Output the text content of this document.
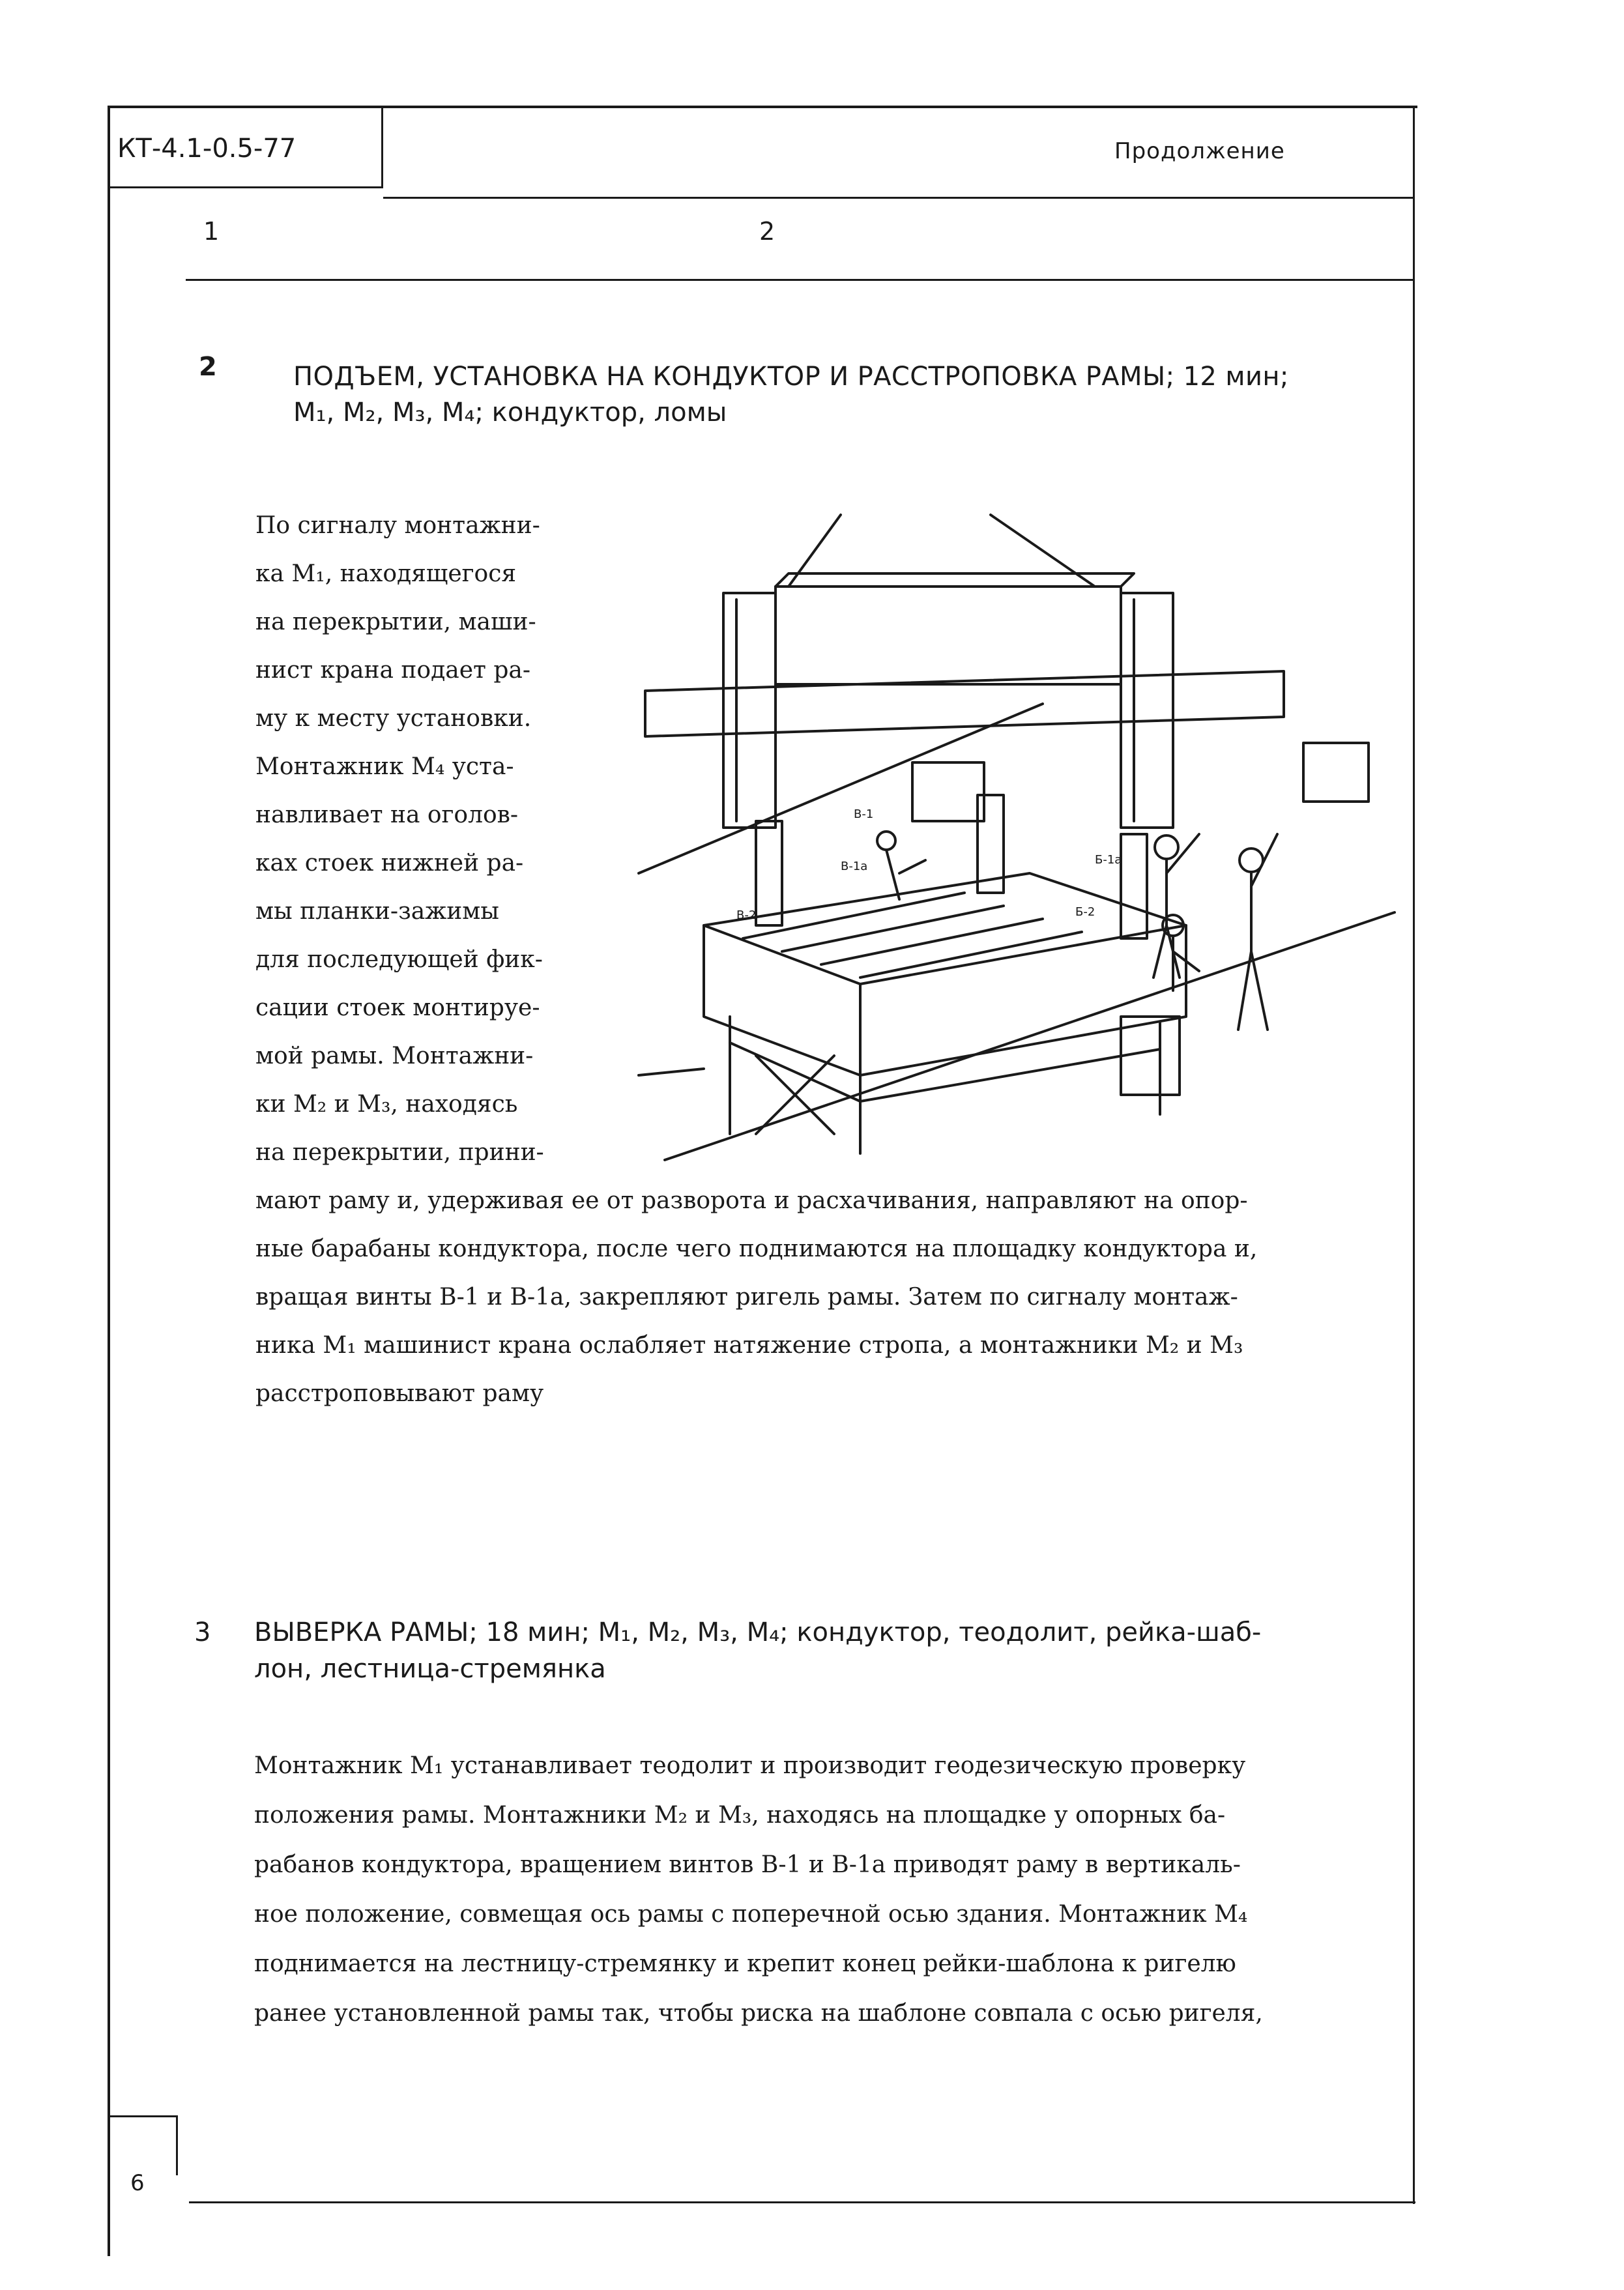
КТ-4.1-0.5-77	Продолжение
1	2
2	ПОДЪЕМ, УСТАНОВКА НА КОНДУКТОР И РАССТРОПОВКА РАМЫ; 12 мин;
M₁, M₂, M₃, M₄; кондуктор, ломы
По сигналу монтажни-
ка M₁, находящегося
на перекрытии, маши-
нист крана подает ра-
му к месту установки.
Монтажник M₄ уста-
навливает на оголов-
ках стоек нижней ра-
мы планки-зажимы
для последующей фик-
сации стоек монтируе-
мой рамы. Монтажни-
ки M₂ и M₃, находясь
на перекрытии, прини-
мают раму и, удерживая ее от разворота и расхачивания, направляют на опор-
ные барабаны кондуктора, после чего поднимаются на площадку кондуктора и,
вращая винты В-1 и В-1а, закрепляют ригель рамы. Затем по сигналу монтаж-
ника M₁ машинист крана ослабляет натяжение стропа, а монтажники M₂ и M₃
расстроповывают раму
В-1
В-1а
В-2	Б-2
Б-1а
3 ВЫВЕРКА РАМЫ; 18 мин; M₁, M₂, M₃, M₄; кондуктор, теодолит, рейка-шаб-
лон, лестница-стремянка
Монтажник M₁ устанавливает теодолит и производит геодезическую проверку
положения рамы. Монтажники M₂ и M₃, находясь на площадке у опорных ба-
рабанов кондуктора, вращением винтов В-1 и В-1а приводят раму в вертикаль-
ное положение, совмещая ось рамы с поперечной осью здания. Монтажник M₄
поднимается на лестницу-стремянку и крепит конец рейки-шаблона к ригелю
ранее установленной рамы так, чтобы риска на шаблоне совпала с осью ригеля,
6
